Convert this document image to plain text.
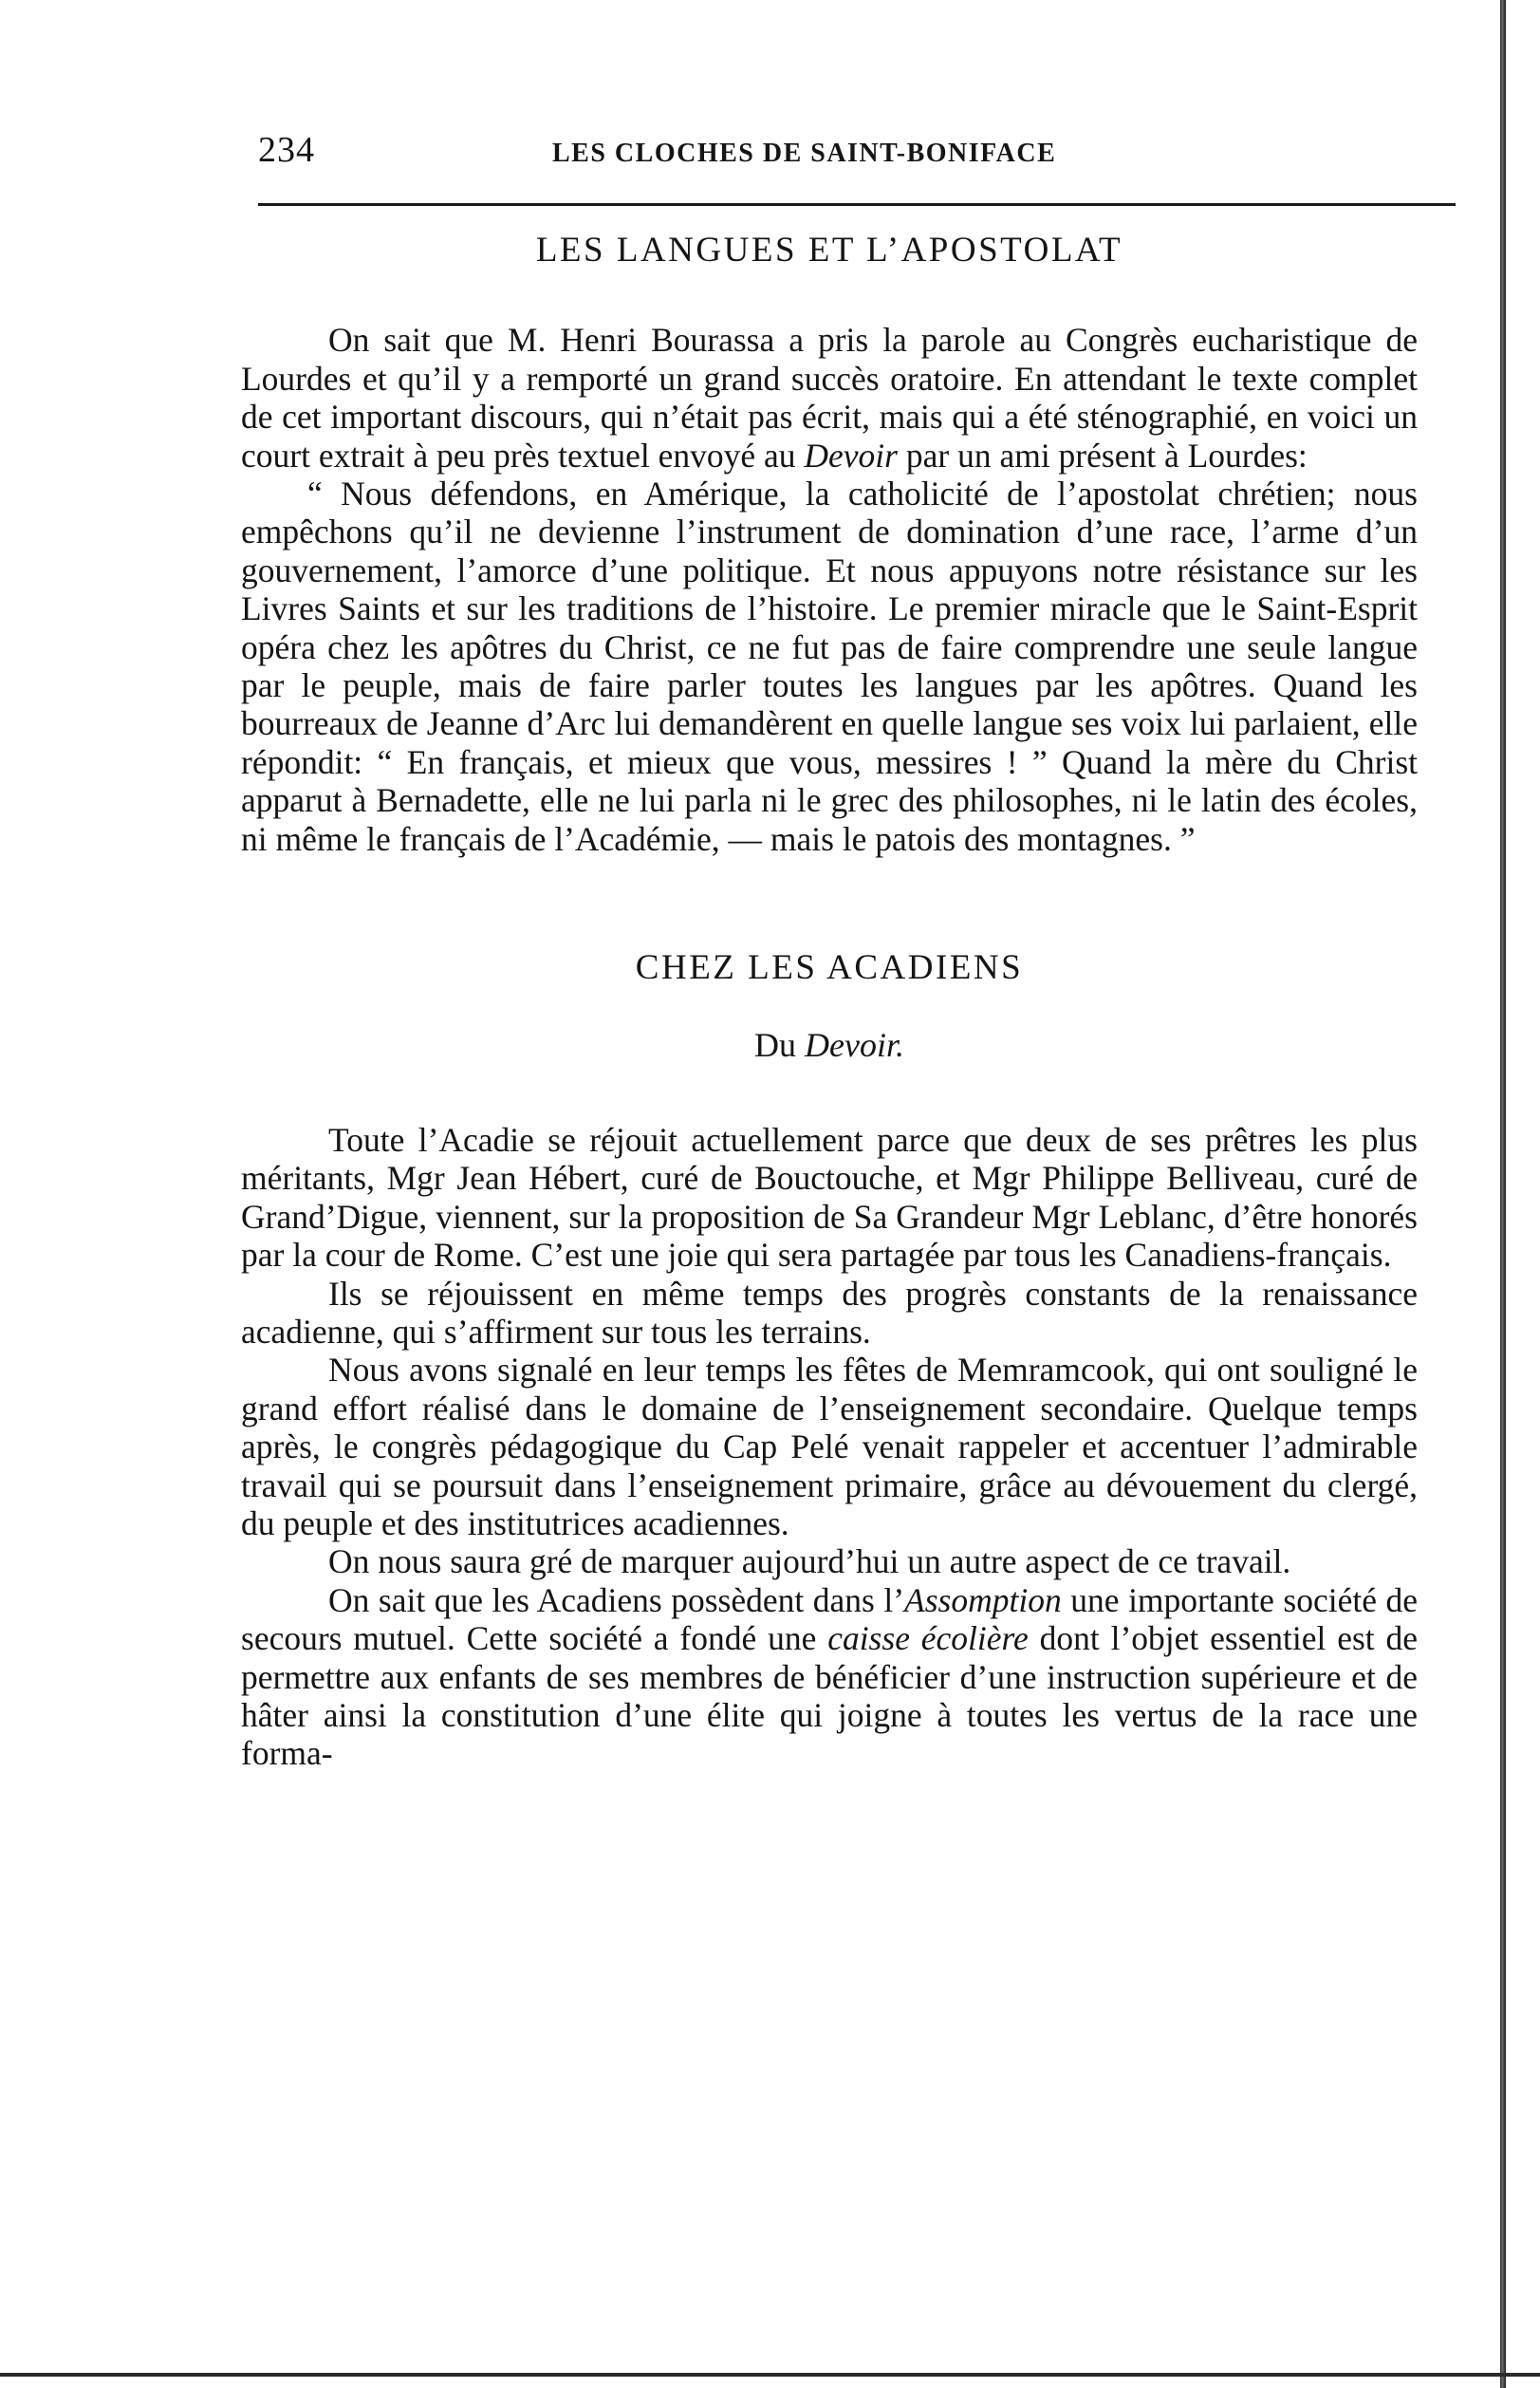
234	LES CLOCHES DE SAINT-BONIFACE
LES LANGUES ET L’APOSTOLAT

On sait que M. Henri Bourassa a pris la parole au Congrès eucharistique de Lourdes et qu’il y a remporté un grand succès oratoire. En attendant le texte complet de cet important discours, qui n’était pas écrit, mais qui a été sténographié, en voici un court extrait à peu près textuel envoyé au Devoir par un ami présent à Lourdes:

“ Nous défendons, en Amérique, la catholicité de l’apostolat chrétien; nous empêchons qu’il ne devienne l’instrument de domination d’une race, l’arme d’un gouvernement, l’amorce d’une politique. Et nous appuyons notre résistance sur les Livres Saints et sur les traditions de l’histoire. Le premier miracle que le Saint-Esprit opéra chez les apôtres du Christ, ce ne fut pas de faire comprendre une seule langue par le peuple, mais de faire parler toutes les langues par les apôtres. Quand les bourreaux de Jeanne d’Arc lui demandèrent en quelle langue ses voix lui parlaient, elle répondit: “ En français, et mieux que vous, messires ! ” Quand la mère du Christ apparut à Bernadette, elle ne lui parla ni le grec des philosophes, ni le latin des écoles, ni même le français de l’Académie, — mais le patois des montagnes. ”

CHEZ LES ACADIENS
Du Devoir.

Toute l’Acadie se réjouit actuellement parce que deux de ses prêtres les plus méritants, Mgr Jean Hébert, curé de Bouctouche, et Mgr Philippe Belliveau, curé de Grand’Digue, viennent, sur la proposition de Sa Grandeur Mgr Leblanc, d’être honorés par la cour de Rome. C’est une joie qui sera partagée par tous les Canadiens-français.

Ils se réjouissent en même temps des progrès constants de la renaissance acadienne, qui s’affirment sur tous les terrains.

Nous avons signalé en leur temps les fêtes de Memramcook, qui ont souligné le grand effort réalisé dans le domaine de l’enseignement secondaire. Quelque temps après, le congrès pédagogique du Cap Pelé venait rappeler et accentuer l’admirable travail qui se poursuit dans l’enseignement primaire, grâce au dévouement du clergé, du peuple et des institutrices acadiennes.

On nous saura gré de marquer aujourd’hui un autre aspect de ce travail.

On sait que les Acadiens possèdent dans l’Assomption une importante société de secours mutuel. Cette société a fondé une caisse écolière dont l’objet essentiel est de permettre aux enfants de ses membres de bénéficier d’une instruction supérieure et de hâter ainsi la constitution d’une élite qui joigne à toutes les vertus de la race une forma-
